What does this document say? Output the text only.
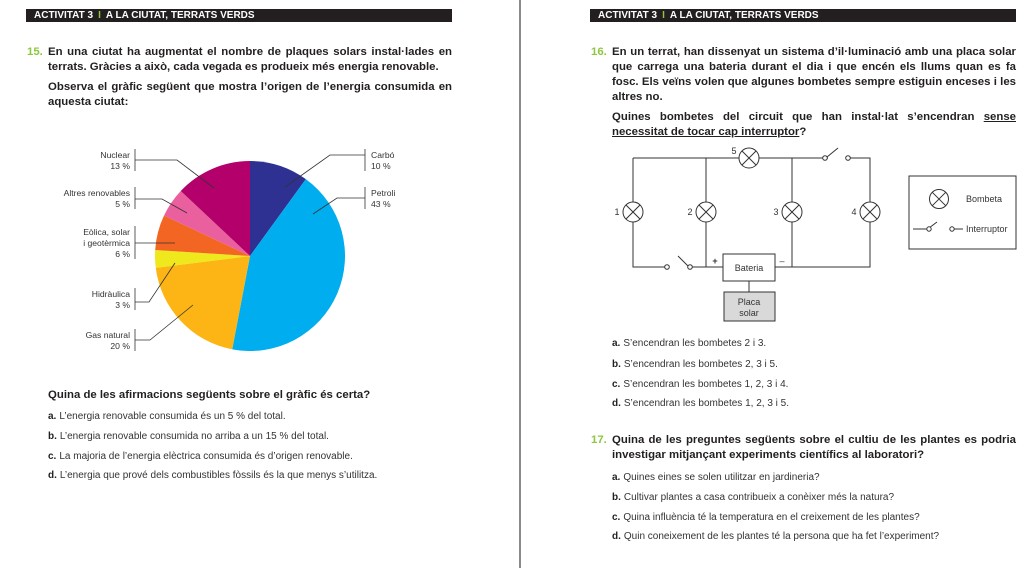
ACTIVITAT 3 I A LA CIUTAT, TERRATS VERDS
15. En una ciutat ha augmentat el nombre de plaques solars instal·lades en terrats. Gràcies a això, cada vegada es produeix més energia renovable.

Observa el gràfic següent que mostra l’origen de l’energia consumida en aquesta ciutat:

Carbó
10 %
Petroli
43 %
Gas natural
20 %
Hidràulica
3 %
Eòlica, solar
i geotèrmica
6 %
Altres renovables
5 %
Nuclear
13 %

Quina de les afirmacions següents sobre el gràfic és certa?

a. L’energia renovable consumida és un 5 % del total.
b. L’energia renovable consumida no arriba a un 15 % del total.
c. La majoria de l’energia elèctrica consumida és d’origen renovable.
d. L’energia que prové dels combustibles fòssils és la que menys s’utilitza.
ACTIVITAT 3 I A LA CIUTAT, TERRATS VERDS
16. En un terrat, han dissenyat un sistema d’il·luminació amb una placa solar que carrega una bateria durant el dia i que encén els llums quan es fa fosc. Els veïns volen que algunes bombetes sempre estiguin enceses i les altres no.

Quines bombetes del circuit que han instal·lat s’encendran sense necessitat de tocar cap interruptor?

1	2	3	4
5
Bateria
+	–
Placa
solar
Bombeta
Interruptor
a. S’encendran les bombetes 2 i 3.
b. S’encendran les bombetes 2, 3 i 5.
c. S’encendran les bombetes 1, 2, 3 i 4.
d. S’encendran les bombetes 1, 2, 3 i 5.
17. Quina de les preguntes següents sobre el cultiu de les plantes es podria investigar mitjançant experiments científics al laboratori?

a. Quines eines se solen utilitzar en jardineria?
b. Cultivar plantes a casa contribueix a conèixer més la natura?
c. Quina influència té la temperatura en el creixement de les plantes?
d. Quin coneixement de les plantes té la persona que ha fet l’experiment?
